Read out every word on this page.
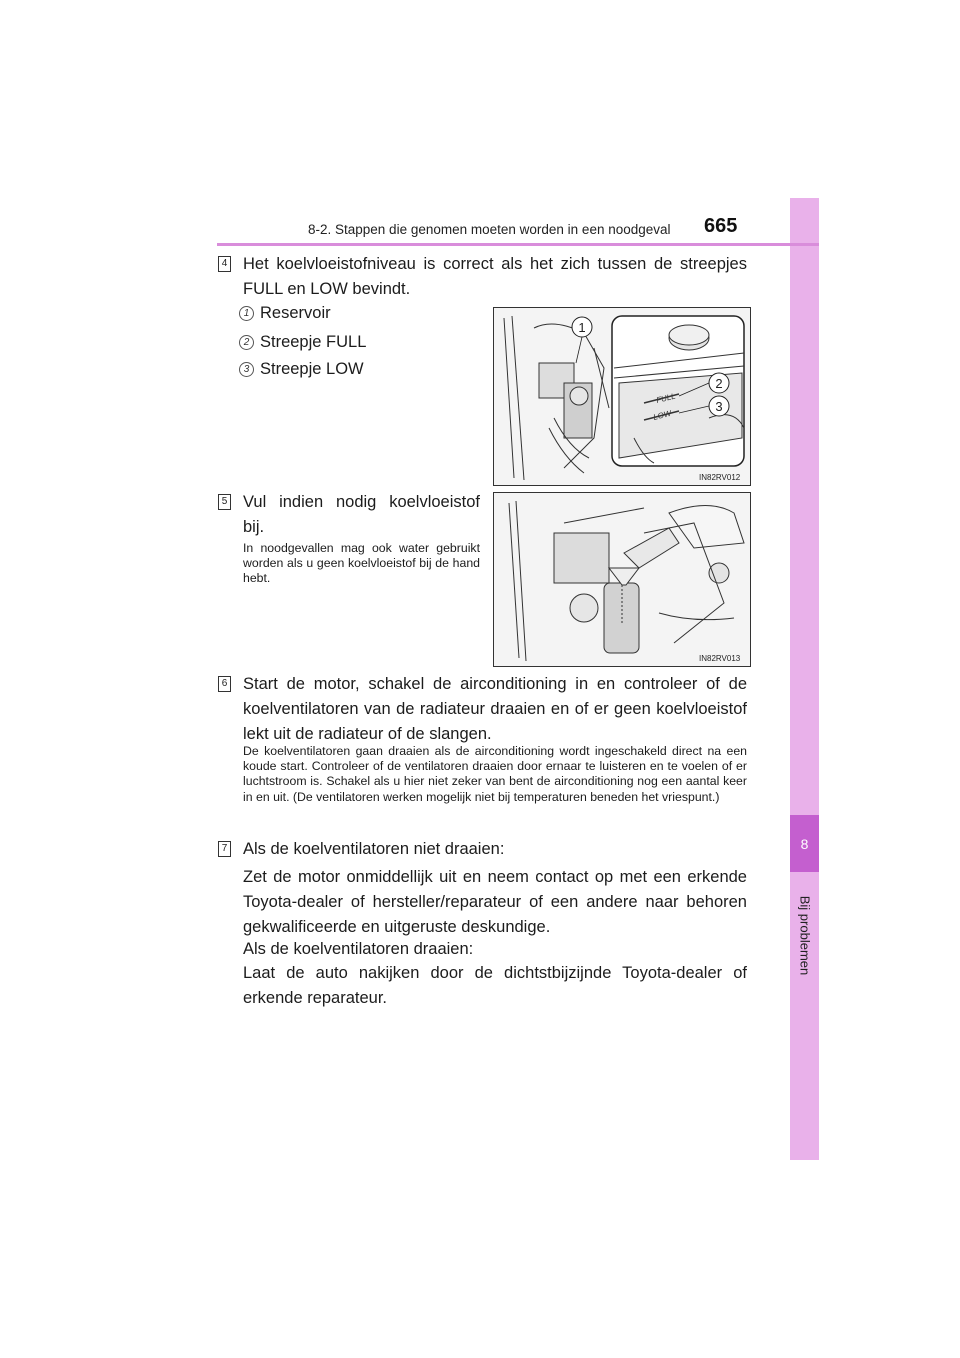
8
Bij problemen
8-2. Stappen die genomen moeten worden in een noodgeval 665
4 Het koelvloeistofniveau is correct als het zich tussen de streepjes FULL en LOW bevindt.
1 Reservoir
2 Streepje FULL
3 Streepje LOW
FULL
LOW
1
2
3
IN82RV012
5 Vul indien nodig koelvloeistof bij.
In noodgevallen mag ook water gebruikt worden als u geen koelvloeistof bij de hand hebt.
IN82RV013
6 Start de motor, schakel de airconditioning in en controleer of de koelventilatoren van de radiateur draaien en of er geen koelvloeistof lekt uit de radiateur of de slangen.
De koelventilatoren gaan draaien als de airconditioning wordt ingeschakeld direct na een koude start. Controleer of de ventilatoren draaien door ernaar te luisteren en te voelen of er luchtstroom is. Schakel als u hier niet zeker van bent de airconditioning nog een aantal keer in en uit. (De ventilatoren werken mogelijk niet bij temperaturen beneden het vriespunt.)
7 Als de koelventilatoren niet draaien:
Zet de motor onmiddellijk uit en neem contact op met een erkende Toyota-dealer of hersteller/reparateur of een andere naar behoren gekwalificeerde en uitgeruste deskundige.
Als de koelventilatoren draaien:
Laat de auto nakijken door de dichtstbijzijnde Toyota-dealer of erkende reparateur.
